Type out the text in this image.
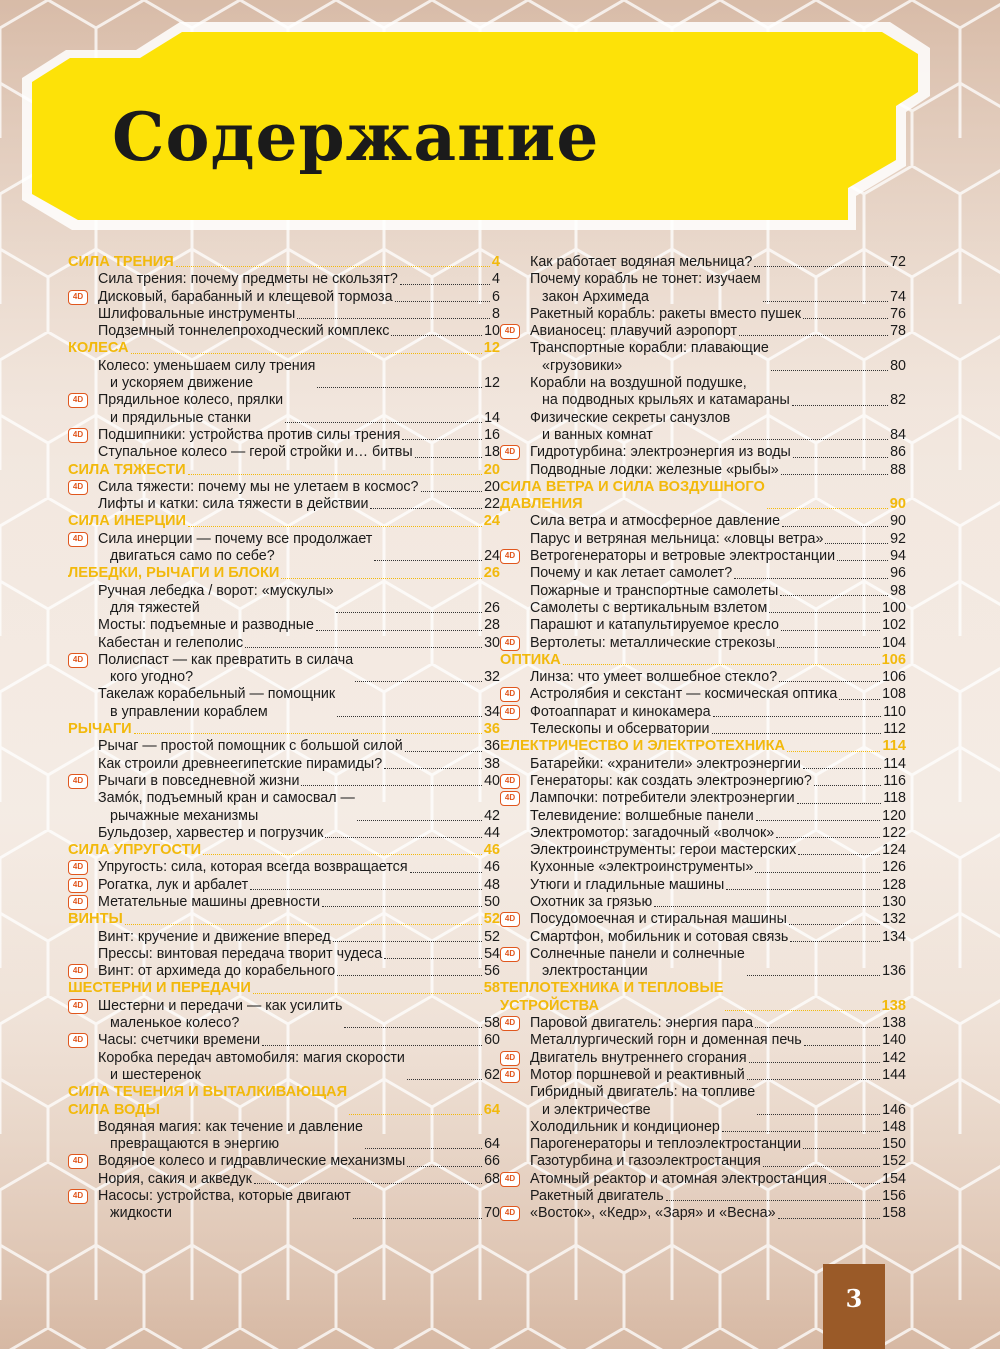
Содержание
СИЛА ТРЕНИЯ	4
Сила трения: почему предметы не скользят?	4
4D	Дисковый, барабанный и клещевой тормоза	6
Шлифовальные инструменты	8
Подземный тоннелепроходческий комплекс	10
КОЛЕСА	12
Колесо: уменьшаем силу трения
и ускоряем движение	12
4D	Прядильное колесо, прялки
и прядильные станки	14
4D	Подшипники: устройства против силы трения	16
Ступальное колесо — герой стройки и… битвы	18
СИЛА ТЯЖЕСТИ	20
4D	Сила тяжести: почему мы не улетаем в космос?	20
Лифты и катки: сила тяжести в действии	22
СИЛА ИНЕРЦИИ	24
4D	Сила инерции — почему все продолжает
двигаться само по себе?	24
ЛЕБЕДКИ, РЫЧАГИ И БЛОКИ	26
Ручная лебедка / ворот: «мускулы»
для тяжестей	26
Мосты: подъемные и разводные	28
Кабестан и гелеполис	30
4D	Полиспаст — как превратить в силача
кого угодно?	32
Такелаж корабельный — помощник
в управлении кораблем	34
РЫЧАГИ	36
Рычаг — простой помощник с большой силой	36
Как строили древнеегипетские пирамиды?	38
4D	Рычаги в повседневной жизни	40
Замóк, подъемный кран и самосвал —
рычажные механизмы	42
Бульдозер, харвестер и погрузчик	44
СИЛА УПРУГОСТИ	46
4D	Упругость: сила, которая всегда возвращается	46
4D	Рогатка, лук и арбалет	48
4D	Метательные машины древности	50
ВИНТЫ	52
Винт: кручение и движение вперед	52
Прессы: винтовая передача творит чудеса	54
4D	Винт: от архимеда до корабельного	56
ШЕСТЕРНИ И ПЕРЕДАЧИ	58
4D	Шестерни и передачи — как усилить
маленькое колесо?	58
4D	Часы: счетчики времени	60
Коробка передач автомобиля: магия скорости
и шестеренок	62
СИЛА ТЕЧЕНИЯ И ВЫТАЛКИВАЮЩАЯ
СИЛА ВОДЫ	64
Водяная магия: как течение и давление
превращаются в энергию	64
4D	Водяное колесо и гидравлические механизмы	66
Нория, сакия и акведук	68
4D	Насосы: устройства, которые двигают
жидкости	70
Как работает водяная мельница?	72
Почему корабль не тонет: изучаем
закон Архимеда	74
Ракетный корабль: ракеты вместо пушек	76
4D	Авианосец: плавучий аэропорт	78
Транспортные корабли: плавающие
«грузовики»	80
Корабли на воздушной подушке,
на подводных крыльях и катамараны	82
Физические секреты санузлов
и ванных комнат	84
4D	Гидротурбина: электроэнергия из воды	86
Подводные лодки: железные «рыбы»	88
СИЛА ВЕТРА И СИЛА ВОЗДУШНОГО
ДАВЛЕНИЯ	90
Сила ветра и атмосферное давление	90
Парус и ветряная мельница: «ловцы ветра»	92
4D	Ветрогенераторы и ветровые электростанции	94
Почему и как летает самолет?	96
Пожарные и транспортные самолеты	98
Самолеты с вертикальным взлетом	100
Парашют и катапультируемое кресло	102
4D	Вертолеты: металлические стрекозы	104
ОПТИКА	106
Линза: что умеет волшебное стекло?	106
4D	Астролябия и секстант — космическая оптика	108
4D	Фотоаппарат и кинокамера	110
Телескопы и обсерватории	112
ЕЛЕКТРИЧЕСТВО И ЭЛЕКТРОТЕХНИКА	114
Батарейки: «хранители» электроэнергии	114
4D	Генераторы: как создать электроэнергию?	116
4D	Лампочки: потребители электроэнергии	118
Телевидение: волшебные панели	120
Электромотор: загадочный «волчок»	122
Электроинструменты: герои мастерских	124
Кухонные «электроинструменты»	126
Утюги и гладильные машины	128
Охотник за грязью	130
4D	Посудомоечная и стиральная машины	132
Смартфон, мобильник и сотовая связь	134
4D	Солнечные панели и солнечные
электростанции	136
ТЕПЛОТЕХНИКА И ТЕПЛОВЫЕ
УСТРОЙСТВА	138
4D	Паровой двигатель: энергия пара	138
Металлургический горн и доменная печь	140
4D	Двигатель внутреннего сгорания	142
4D	Мотор поршневой и реактивный	144
Гибридный двигатель: на топливе
и электричестве	146
Холодильник и кондиционер	148
Парогенераторы и теплоэлектростанции	150
Газотурбина и газоэлектростанция	152
4D	Атомный реактор и атомная электростанция	154
Ракетный двигатель	156
4D	«Восток», «Кедр», «Заря» и «Весна»	158
3
